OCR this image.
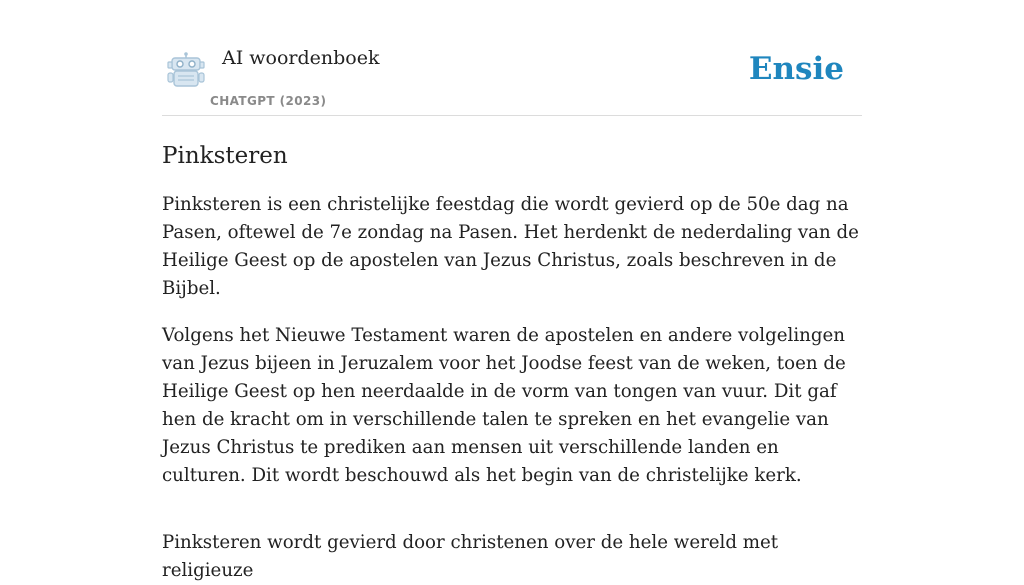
AI woordenboek
CHATGPT (2023)
Ensie
Pinksteren

Pinksteren is een christelijke feestdag die wordt gevierd op de 50e dag na Pasen, oftewel de 7e zondag na Pasen. Het herdenkt de nederdaling van de Heilige Geest op de apostelen van Jezus Christus, zoals beschreven in de Bijbel.

Volgens het Nieuwe Testament waren de apostelen en andere volgelingen van Jezus bijeen in Jeruzalem voor het Joodse feest van de weken, toen de Heilige Geest op hen neerdaalde in de vorm van tongen van vuur. Dit gaf hen de kracht om in verschillende talen te spreken en het evangelie van Jezus Christus te prediken aan mensen uit verschillende landen en culturen. Dit wordt beschouwd als het begin van de christelijke kerk.

Pinksteren wordt gevierd door christenen over de hele wereld met religieuze
